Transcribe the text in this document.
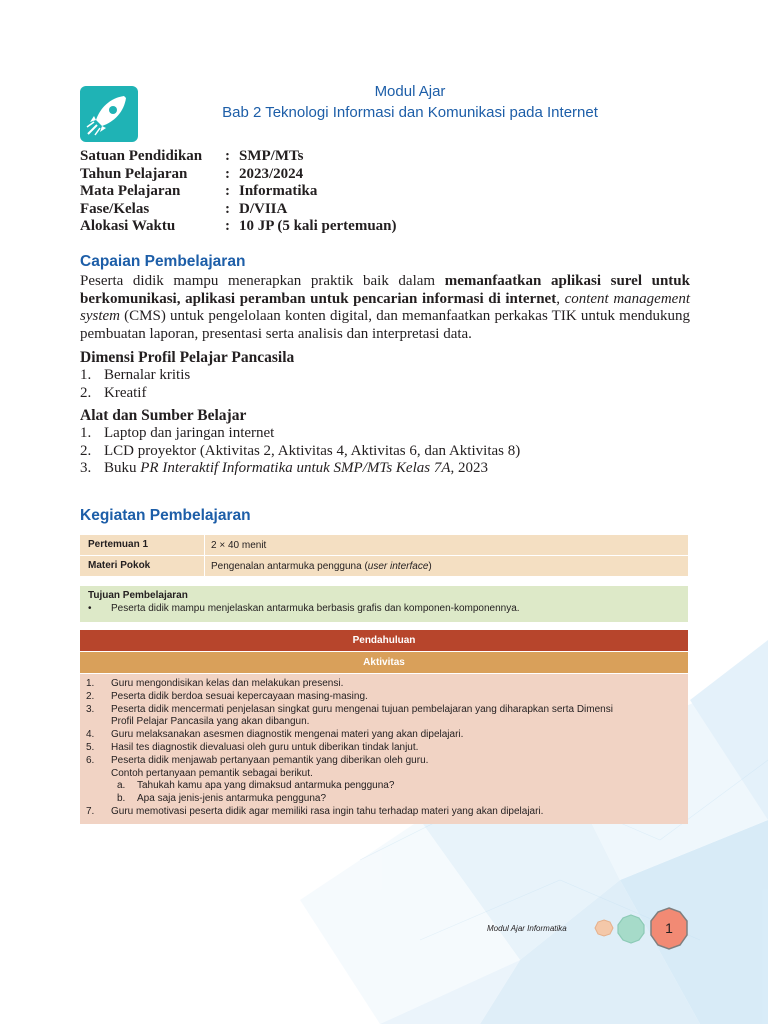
Modul Ajar
Bab 2 Teknologi Informasi dan Komunikasi pada Internet
Satuan Pendidikan	: SMP/MTs
Tahun Pelajaran	: 2023/2024
Mata Pelajaran	: Informatika
Fase/Kelas	: D/VIIA
Alokasi Waktu	: 10 JP (5 kali pertemuan)
Capaian Pembelajaran
Peserta didik mampu menerapkan praktik baik dalam memanfaatkan aplikasi surel untuk berkomunikasi, aplikasi peramban untuk pencarian informasi di internet, content management system (CMS) untuk pengelolaan konten digital, dan memanfaatkan perkakas TIK untuk mendukung pembuatan laporan, presentasi serta analisis dan interpretasi data.
Dimensi Profil Pelajar Pancasila
1. Bernalar kritis
2. Kreatif
Alat dan Sumber Belajar
1. Laptop dan jaringan internet
2. LCD proyektor (Aktivitas 2, Aktivitas 4, Aktivitas 6, dan Aktivitas 8)
3. Buku PR Interaktif Informatika untuk SMP/MTs Kelas 7A, 2023
Kegiatan Pembelajaran
Pertemuan 1	2 × 40 menit
Materi Pokok	Pengenalan antarmuka pengguna (user interface)
Tujuan Pembelajaran
• Peserta didik mampu menjelaskan antarmuka berbasis grafis dan komponen-komponennya.
Pendahuluan
Aktivitas
1.	Guru mengondisikan kelas dan melakukan presensi.
2.	Peserta didik berdoa sesuai kepercayaan masing-masing.
3.	Peserta didik mencermati penjelasan singkat guru mengenai tujuan pembelajaran yang diharapkan serta Dimensi
Profil Pelajar Pancasila yang akan dibangun.
4.	Guru melaksanakan asesmen diagnostik mengenai materi yang akan dipelajari.
5.	Hasil tes diagnostik dievaluasi oleh guru untuk diberikan tindak lanjut.
6.	Peserta didik menjawab pertanyaan pemantik yang diberikan oleh guru.
Contoh pertanyaan pemantik sebagai berikut.
a.	Tahukah kamu apa yang dimaksud antarmuka pengguna?
b.	Apa saja jenis-jenis antarmuka pengguna?
7.	Guru memotivasi peserta didik agar memiliki rasa ingin tahu terhadap materi yang akan dipelajari.
Modul Ajar Informatika	1
